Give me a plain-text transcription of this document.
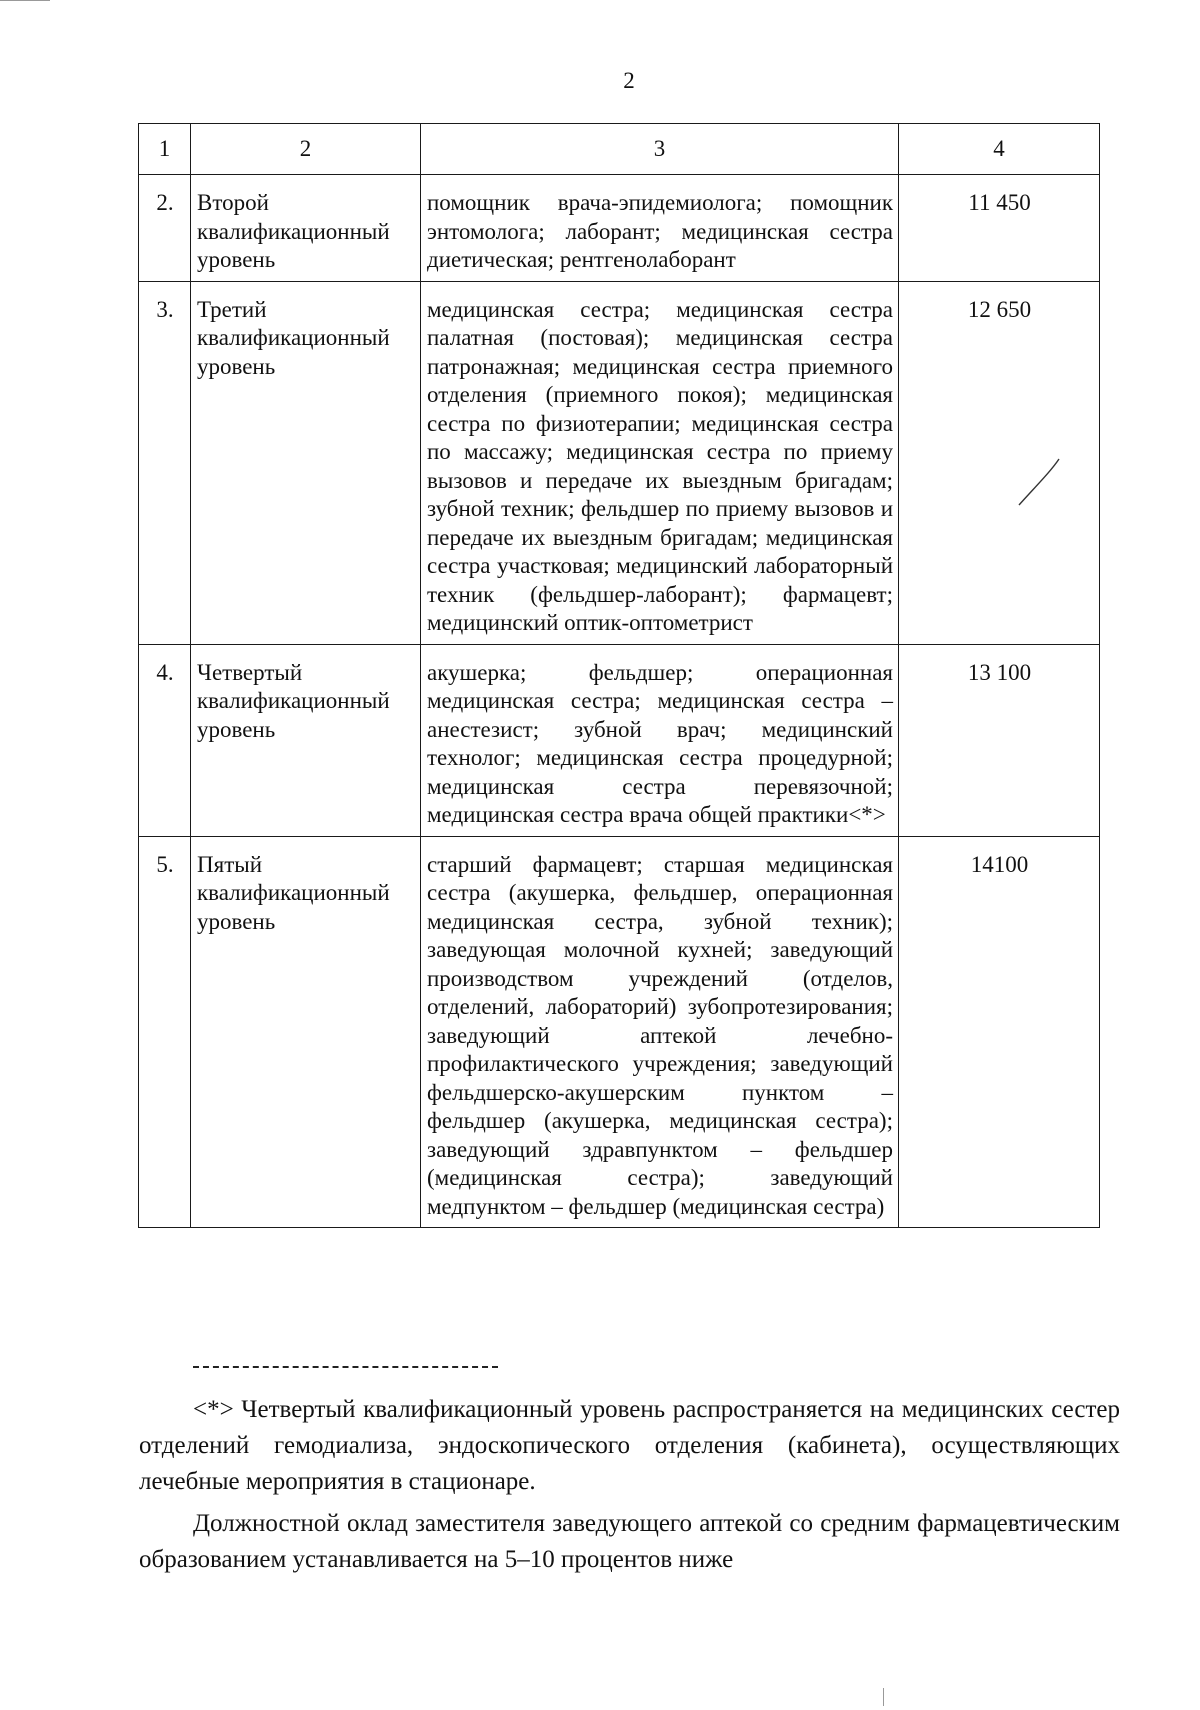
2
1	2	3	4
2.	Второй квалификационный уровень	помощник врача-эпидемиолога; помощник энтомолога; лаборант; медицинская сестра диетическая; рентгенолаборант	11 450
3.	Третий квалификационный уровень	медицинская сестра; медицинская сестра палатная (постовая); медицинская сестра патронажная; медицинская сестра приемного отделения (приемного покоя); медицинская сестра по физиотерапии; медицинская сестра по массажу; медицинская сестра по приему вызовов и передаче их выездным бригадам; зубной техник; фельдшер по приему вызовов и передаче их выездным бригадам; медицинская сестра участковая; медицинский лабораторный техник (фельдшер-лаборант); фармацевт; медицинский оптик-оптометрист	12 650
4.	Четвертый квалификационный уровень	акушерка; фельдшер; операционная медицинская сестра; медицинская сестра – анестезист; зубной врач; медицинский технолог; медицинская сестра процедурной; медицинская сестра перевязочной; медицинская сестра врача общей практики<*>	13 100
5.	Пятый квалификационный уровень	старший фармацевт; старшая медицинская сестра (акушерка, фельдшер, операционная медицинская сестра, зубной техник); заведующая молочной кухней; заведующий производством учреждений (отделов, отделений, лабораторий) зубопротезирования; заведующий аптекой лечебно-профилактического учреждения; заведующий фельдшерско-акушерским пунктом – фельдшер (акушерка, медицинская сестра); заведующий здравпунктом – фельдшер (медицинская сестра); заведующий медпунктом – фельдшер (медицинская сестра)	14100

<*> Четвертый квалификационный уровень распространяется на медицинских сестер отделений гемодиализа, эндоскопического отделения (кабинета), осуществляющих лечебные мероприятия в стационаре.

Должностной оклад заместителя заведующего аптекой со средним фармацевтическим образованием устанавливается на 5–10 процентов ниже
